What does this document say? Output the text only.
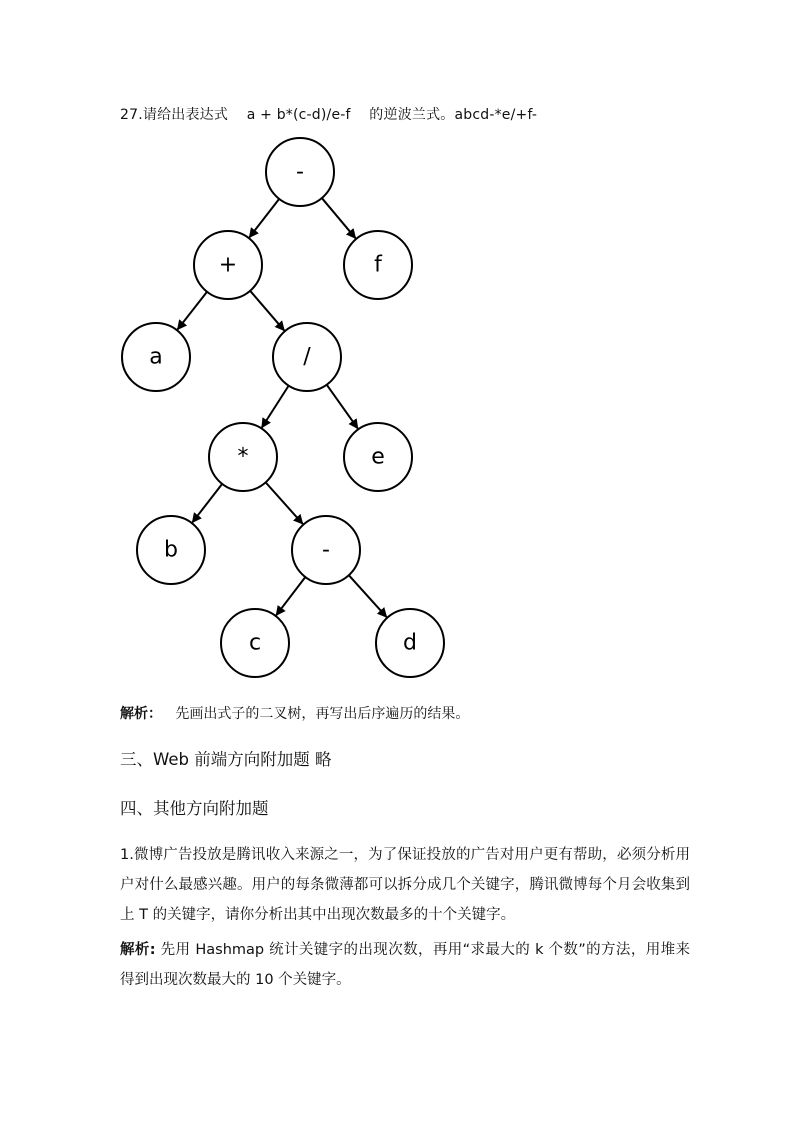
27.请给出表达式 a + b*(c-d)/e-f 的逆波兰式。abcd-*e/+f-
-
+	f
a	/
*	e
b	-
c	d
解析： 先画出式子的二叉树，再写出后序遍历的结果。
三、Web 前端方向附加题 略
四、其他方向附加题
1.微博广告投放是腾讯收入来源之一，为了保证投放的广告对用户更有帮助，必须分析用户对什么最感兴趣。用户的每条微薄都可以拆分成几个关键字，腾讯微博每个月会收集到上 T 的关键字，请你分析出其中出现次数最多的十个关键字。
解析: 先用 Hashmap 统计关键字的出现次数，再用“求最大的 k 个数”的方法，用堆来得到出现次数最大的 10 个关键字。
